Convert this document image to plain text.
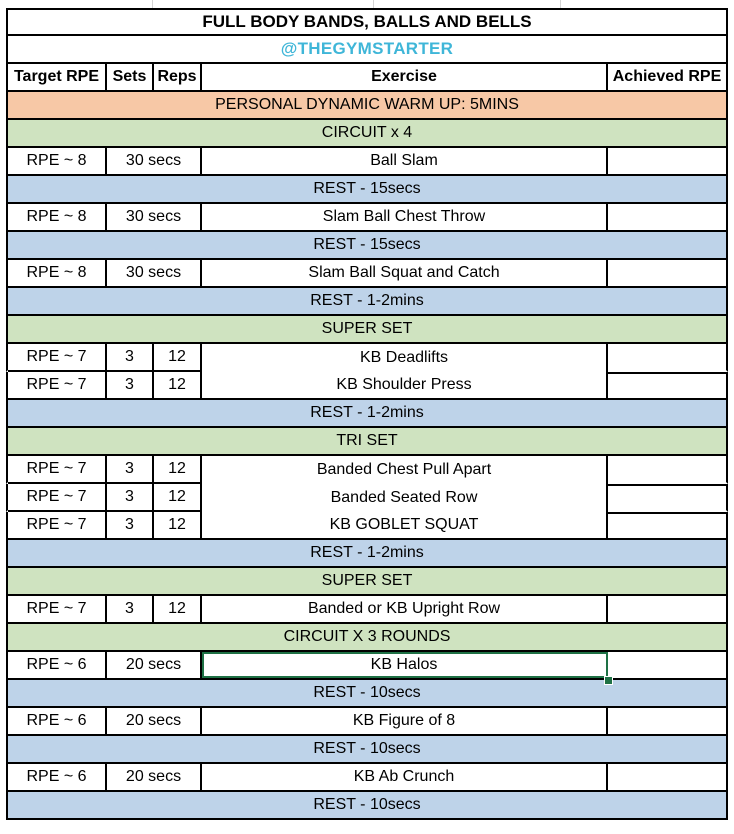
FULL BODY BANDS, BALLS AND BELLS
@THEGYMSTARTER
Target RPE Sets Reps	Exercise	Achieved RPE
PERSONAL DYNAMIC WARM UP: 5MINS
CIRCUIT x 4
RPE ~ 8	30 secs	Ball Slam
REST - 15secs
RPE ~ 8	30 secs	Slam Ball Chest Throw
REST - 15secs
RPE ~ 8	30 secs	Slam Ball Squat and Catch
REST - 1-2mins
SUPER SET
RPE ~ 7	3	12	KB Deadlifts
RPE ~ 7	3	12	KB Shoulder Press
REST - 1-2mins
TRI SET
RPE ~ 7	3	12	Banded Chest Pull Apart
RPE ~ 7	3	12	Banded Seated Row
RPE ~ 7	3	12	KB GOBLET SQUAT
REST - 1-2mins
SUPER SET
RPE ~ 7	3	12	Banded or KB Upright Row
CIRCUIT X 3 ROUNDS
RPE ~ 6	20 secs	KB Halos
REST - 10secs
RPE ~ 6	20 secs	KB Figure of 8
REST - 10secs
RPE ~ 6	20 secs	KB Ab Crunch
REST - 10secs
